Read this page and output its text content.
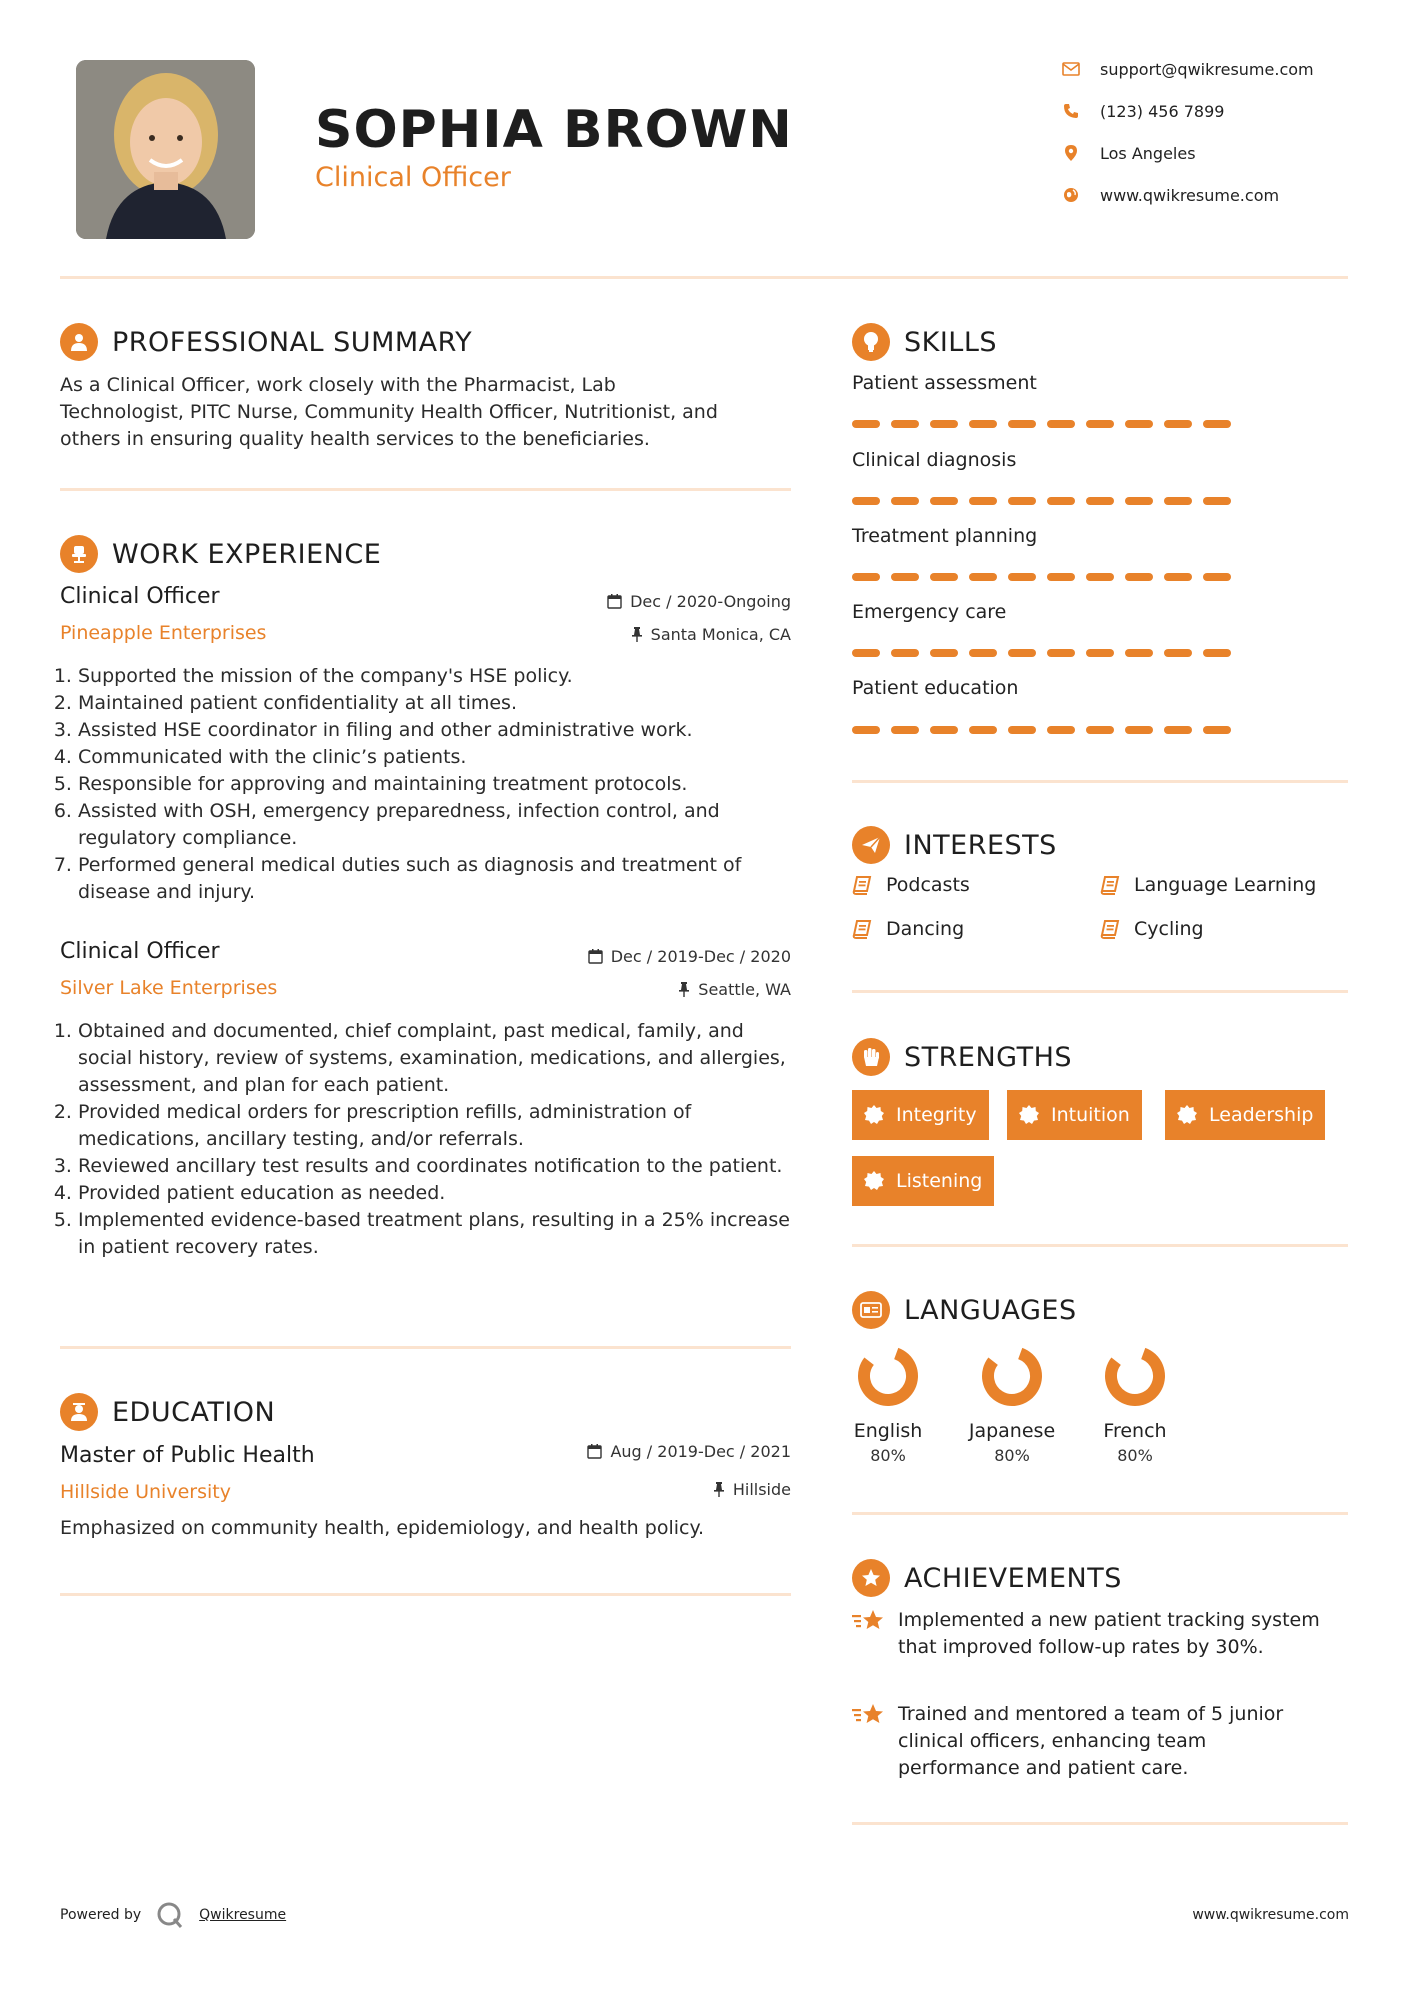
SOPHIA BROWN
Clinical Officer
support@qwikresume.com
(123) 456 7899
Los Angeles
www.qwikresume.com
PROFESSIONAL SUMMARY
As a Clinical Officer, work closely with the Pharmacist, Lab
Technologist, PITC Nurse, Community Health Officer, Nutritionist, and
others in ensuring quality health services to the beneficiaries.
WORK EXPERIENCE
Clinical Officer
Pineapple Enterprises
Dec / 2020-Ongoing
Santa Monica, CA
1. Supported the mission of the company's HSE policy.
2. Maintained patient confidentiality at all times.
3. Assisted HSE coordinator in filing and other administrative work.
4. Communicated with the clinic’s patients.
5. Responsible for approving and maintaining treatment protocols.
6. Assisted with OSH, emergency preparedness, infection control, and regulatory compliance.
7. Performed general medical duties such as diagnosis and treatment of disease and injury.
Clinical Officer
Silver Lake Enterprises
Dec / 2019-Dec / 2020
Seattle, WA
1. Obtained and documented, chief complaint, past medical, family, and social history, review of systems, examination, medications, and allergies, assessment, and plan for each patient.
2. Provided medical orders for prescription refills, administration of medications, ancillary testing, and/or referrals.
3. Reviewed ancillary test results and coordinates notification to the patient.
4. Provided patient education as needed.
5. Implemented evidence-based treatment plans, resulting in a 25% increase in patient recovery rates.
EDUCATION
Master of Public Health
Hillside University
Aug / 2019-Dec / 2021
Hillside
Emphasized on community health, epidemiology, and health policy.
SKILLS
Patient assessment
Clinical diagnosis
Treatment planning
Emergency care
Patient education
INTERESTS
Podcasts	Language Learning
Dancing	Cycling
STRENGTHS
Integrity	Intuition	Leadership
Listening
LANGUAGES
English
80%
Japanese
80%
French
80%
ACHIEVEMENTS
Implemented a new patient tracking system that improved follow-up rates by 30%.
Trained and mentored a team of 5 junior clinical officers, enhancing team performance and patient care.
Powered by	Qwikresume	www.qwikresume.com
